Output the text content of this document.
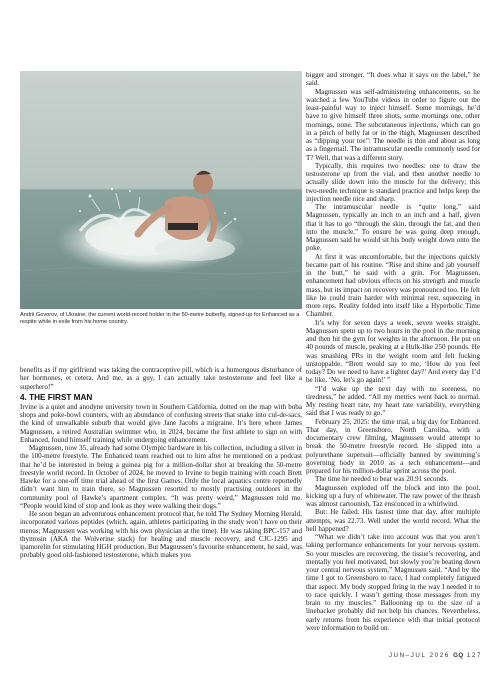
Andrii Govorov, of Ukraine, the current world-record holder in the 50-metre butterfly, signed up for Enhanced as a respite while in exile from his home country.

bigger and stronger. “It does what it says on the label,” he said.

Magnussen was self-administering enhancements, so he watched a few YouTube videos in order to figure out the least-painful way to inject himself. Some mornings, he’d have to give himself three shots, some mornings one, other mornings, none. The subcutaneous injections, which can go in a pinch of belly fat or in the thigh, Magnussen described as “dipping your toe”: The needle is thin and about as long as a fingernail. The intramuscular needle commonly used for T? Well, that was a different story.

Typically, this requires two needles: one to draw the testosterone up from the vial, and then another needle to actually slide down into the muscle for the delivery; this two-needle technique is standard practice and helps keep the injection needle nice and sharp.

The intramuscular needle is “quite long,” said Magnussen, typically an inch to an inch and a half, given that it has to go “through the skin, through the fat, and then into the muscle.” To ensure he was going deep enough, Magnussen said he would sit his body weight down onto the poke.

At first it was uncomfortable, but the injections quickly became part of his routine. “Rise and shine and jab yourself in the butt,” he said with a grin. For Magnussen, enhancement had obvious effects on his strength and muscle mass, but its impact on recovery was pronounced too. He felt like he could train harder with minimal rest, squeezing in more reps. Reality folded into itself like a Hyperbolic Time Chamber.

It’s why for seven days a week, seven weeks straight, Magnussen spent up to two hours in the pool in the morning and then hit the gym for weights in the afternoon. He put on 40 pounds of muscle, peaking at a Hulk-like 250 pounds. He was smashing PRs in the weight room and felt fucking unstoppable. “Brett would say to me, ‘How do you feel today? Do we need to have a lighter day?’ And every day I’d be like, ‘No, let’s go again!’ ”

“I’d wake up the next day with no soreness, no tiredness,” he added. “All my metrics went back to normal. My resting heart rate, my heart rate variability, everything said that I was ready to go.”

February 25, 2025: the time trial, a big day for Enhanced. That day, in Greensboro, North Carolina, with a documentary crew filming, Magnussen would attempt to break the 50-metre freestyle record. He slipped into a polyurethane supersuit—officially banned by swimming’s governing body in 2010 as a tech enhancement—and prepared for his million-dollar sprint across the pool.

The time he needed to beat was 20.91 seconds.

Magnussen exploded off the block and into the pool, kicking up a fury of whitewater. The raw power of the thrash was almost cartoonish, Taz ensconced in a whirlwind.

But: He failed. His fastest time that day, after multiple attempts, was 22.73. Well under the world record. What the hell happened?

“What we didn’t take into account was that you aren’t taking performance enhancements for your nervous system. So your muscles are recovering, the tissue’s recovering, and mentally you feel motivated, but slowly you’re beating down your central nervous system,” Magnussen said. “And by the time I got to Greensboro to race, I had completely fatigued that aspect. My body stopped firing in the way I needed it to to race quickly. I wasn’t getting those messages from my brain to my muscles.” Ballooning up to the size of a linebacker probably did not help his chances. Nevertheless, early returns from his experience with that initial protocol were information to build on.

benefits as if my girlfriend was taking the contraceptive pill, which is a humongous disturbance of her hormones, et cetera. And me, as a guy, I can actually take testosterone and feel like a superhero!”

4. THE FIRST MAN

Irvine is a quiet and anodyne university town in Southern California, dotted on the map with boba shops and poke-bowl counters, with an abundance of confusing streets that snake into cul-de-sacs, the kind of unwalkable suburb that would give Jane Jacobs a migraine. It’s here where James Magnussen, a retired Australian swimmer who, in 2024, became the first athlete to sign on with Enhanced, found himself training while undergoing enhancement.

Magnussen, now 35, already had some Olympic hardware in his collection, including a silver in the 100-metre freestyle. The Enhanced team reached out to him after he mentioned on a podcast that he’d be interested in being a guinea pig for a million-dollar shot at breaking the 50-metre freestyle world record. In October of 2024, he moved to Irvine to begin training with coach Brett Hawke for a one-off time trial ahead of the first Games. Only the local aquatics centre reportedly didn’t want him to train there, so Magnussen resorted to mostly practising outdoors in the community pool of Hawke’s apartment complex. “It was pretty weird,” Magnussen told me. “People would kind of stop and look as they were walking their dogs.”

He soon began an adventurous enhancement protocol that, he told The Sydney Morning Herald, incorporated various peptides (which, again, athletes participating in the study won’t have on their menus; Magnussen was working with his own physician at the time). He was taking BPC-157 and thymosin (AKA the Wolverine stack) for healing and muscle recovery, and CJC-1295 and ipamorelin for stimulating HGH production. But Magnussen’s favourite enhancement, he said, was probably good old-fashioned testosterone, which makes you

JUN–JUL 2026 GQ 127
